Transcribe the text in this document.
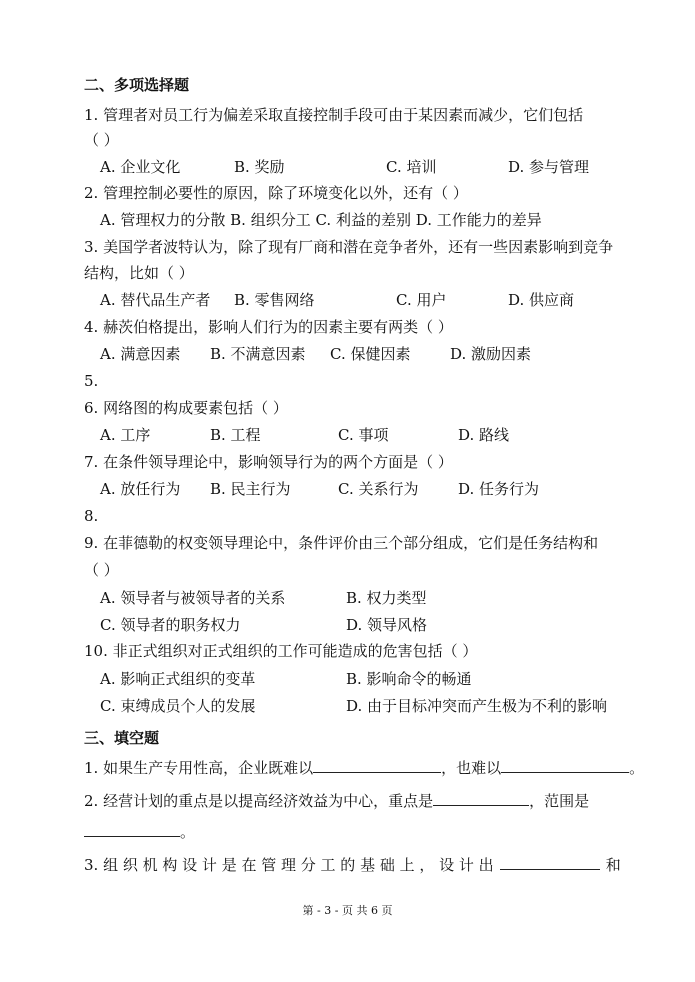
二、多项选择题
1. 管理者对员工行为偏差采取直接控制手段可由于某因素而减少，它们包括
（ ）
A. 企业文化	B. 奖励	C. 培训	D. 参与管理
2. 管理控制必要性的原因，除了环境变化以外，还有（ ）
A. 管理权力的分散 B. 组织分工 C. 利益的差别 D. 工作能力的差异
3. 美国学者波特认为，除了现有厂商和潜在竞争者外，还有一些因素影响到竞争
结构，比如（ ）
A. 替代品生产者 B. 零售网络	C. 用户	D. 供应商
4. 赫茨伯格提出，影响人们行为的因素主要有两类（ ）
A. 满意因素 B. 不满意因素 C. 保健因素	D. 激励因素
5.
6. 网络图的构成要素包括（ ）
A. 工序	B. 工程	C. 事项	D. 路线
7. 在条件领导理论中，影响领导行为的两个方面是（ ）
A. 放任行为 B. 民主行为	C. 关系行为	D. 任务行为
8.
9. 在菲德勒的权变领导理论中，条件评价由三个部分组成，它们是任务结构和
（ ）
A. 领导者与被领导者的关系	B. 权力类型
C. 领导者的职务权力	D. 领导风格
10. 非正式组织对正式组织的工作可能造成的危害包括（ ）
A. 影响正式组织的变革	B. 影响命令的畅通
C. 束缚成员个人的发展	D. 由于目标冲突而产生极为不利的影响
三、填空题
1. 如果生产专用性高，企业既难以	，也难以	。
2. 经营计划的重点是以提高经济效益为中心，重点是	，范围是
。
3. 组 织 机 构 设 计 是 在 管 理 分 工 的 基 础 上 ， 设 计 出	和
第 - 3 - 页 共 6 页
